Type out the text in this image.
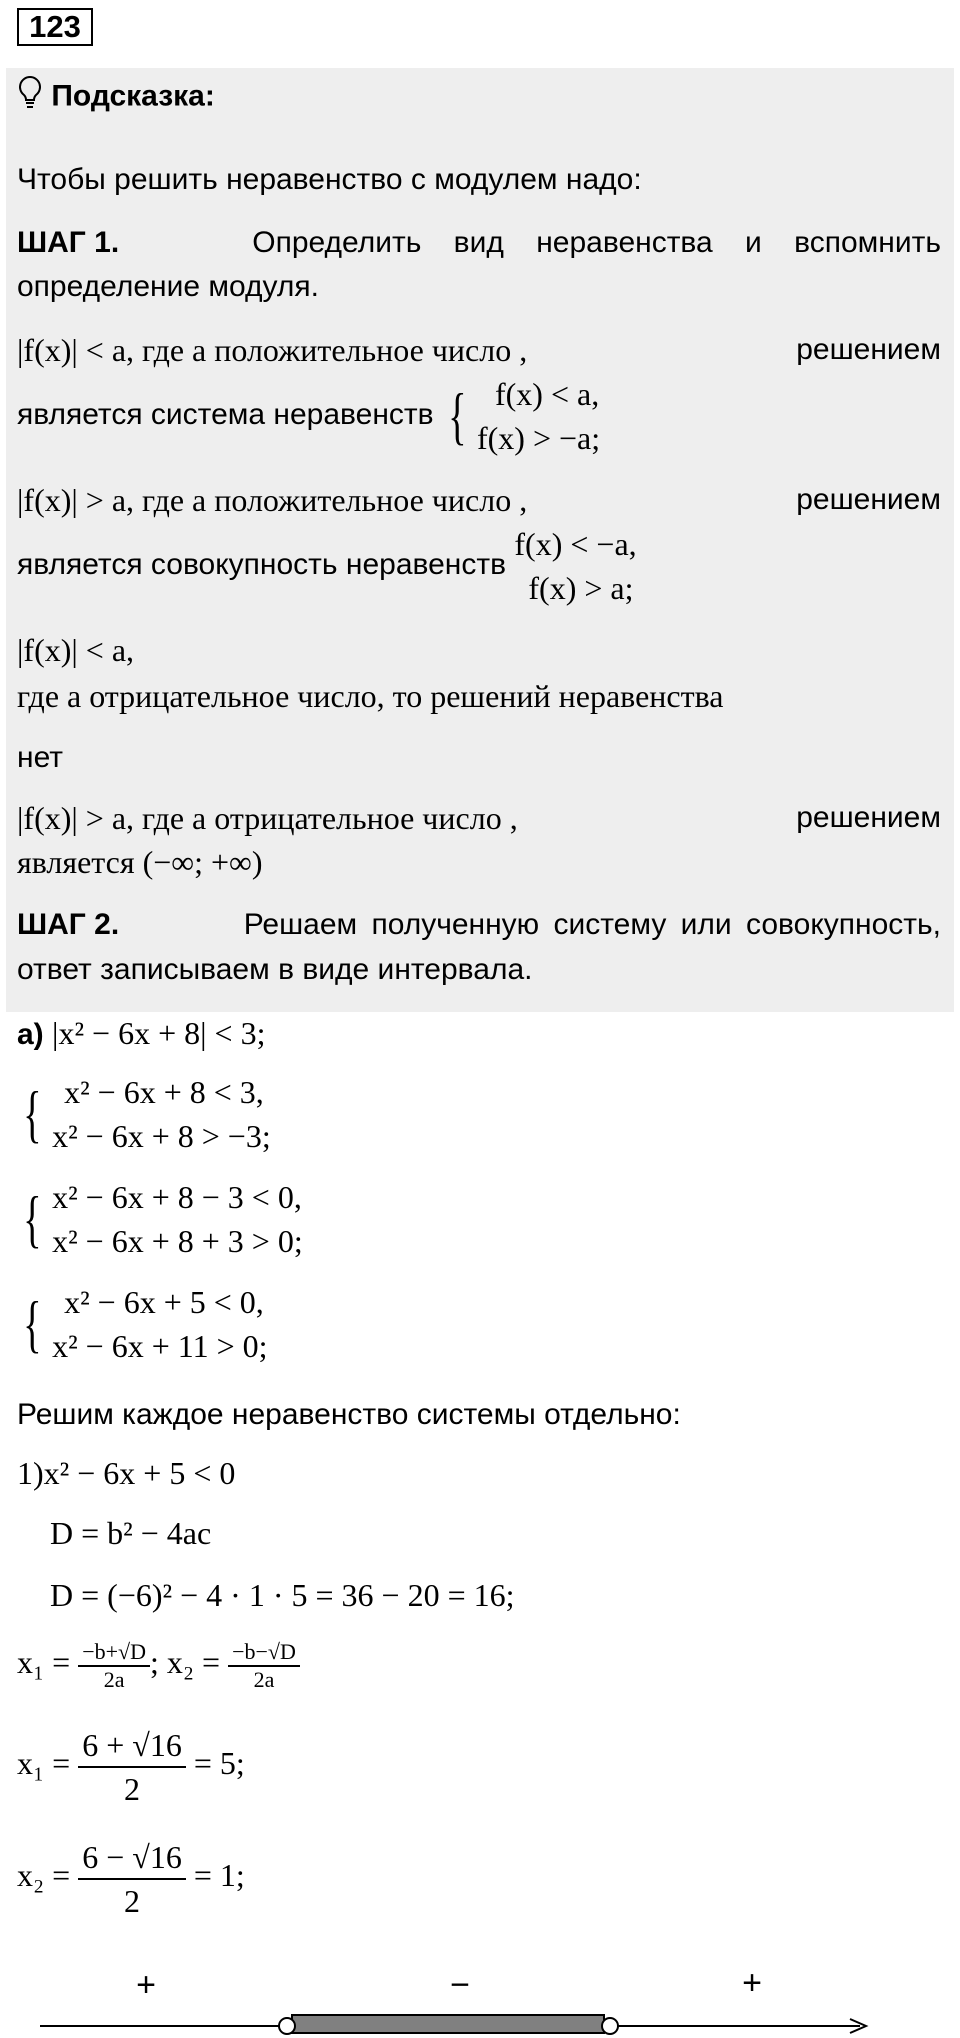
123
Подсказка:
Чтобы решить неравенство с модулем надо:
ШАГ 1.	Определить вид неравенства и вспомнить
определение модуля.
|f(x)| < a, где a положительное число ,	решением
является система неравенств { f(x) < a,
f(x) > −a;
|f(x)| > a, где a положительное число ,	решением
является совокупность неравенств
f(x) < −a,
f(x) > a;
|f(x)| < a,
где a отрицательное число, то решений неравенства
нет
|f(x)| > a, где a отрицательное число ,	решением
является (−∞; +∞)
ШАГ 2.	Решаем полученную систему или совокупность,
ответ записываем в виде интервала.
а) |x² − 6x + 8| < 3;
{ x² − 6x + 8 < 3,
x² − 6x + 8 > −3;
{ x² − 6x + 8 − 3 < 0,
x² − 6x + 8 + 3 > 0;
{ x² − 6x + 5 < 0,
x² − 6x + 11 > 0;
Решим каждое неравенство системы отдельно:
1)x² − 6x + 5 < 0
D = b² − 4ac
D = (−6)² − 4 · 1 · 5 = 36 − 20 = 16;
$x_1 = \frac{-b+√D}{2a}$ ; $x_2 = \frac{-b-√D}{2a}$
$x_1 = \frac{6 + √16}{2} = 5$;
$x_2 = \frac{6 - √16}{2} = 1$;
+	−	+
